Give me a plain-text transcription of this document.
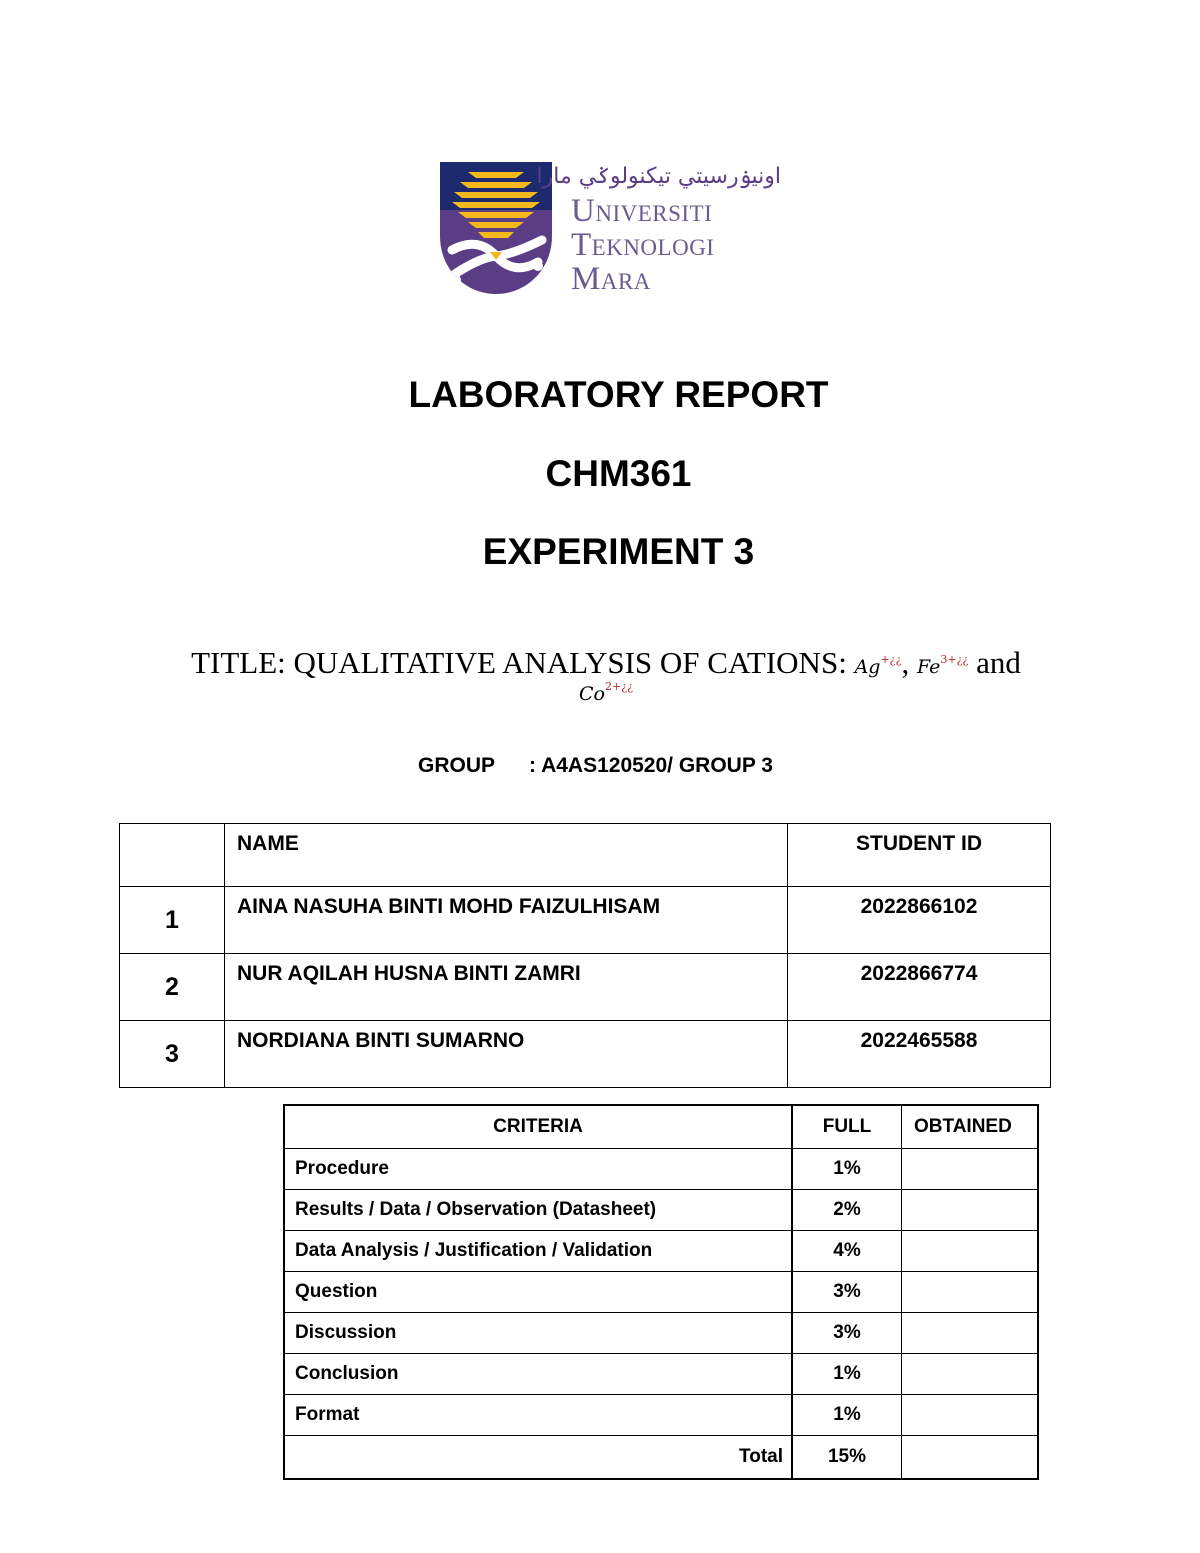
اونيۏرسيتي تيكنولوݢي مارا
Universiti
Teknologi
Mara
LABORATORY REPORT
CHM361
EXPERIMENT 3
TITLE: QUALITATIVE ANALYSIS OF CATIONS: Ag+¿¿, $Fe^{3+¿¿}$ and
$Co^{2+¿¿}$
GROUP : A4AS120520/ GROUP 3
	NAME	STUDENT ID
1	AINA NASUHA BINTI MOHD FAIZULHISAM	2022866102
2	NUR AQILAH HUSNA BINTI ZAMRI	2022866774
3	NORDIANA BINTI SUMARNO	2022465588
CRITERIA	FULL	OBTAINED
Procedure	1%	
Results / Data / Observation (Datasheet)	2%	
Data Analysis / Justification / Validation	4%	
Question	3%	
Discussion	3%	
Conclusion	1%	
Format	1%	
Total	15%	
